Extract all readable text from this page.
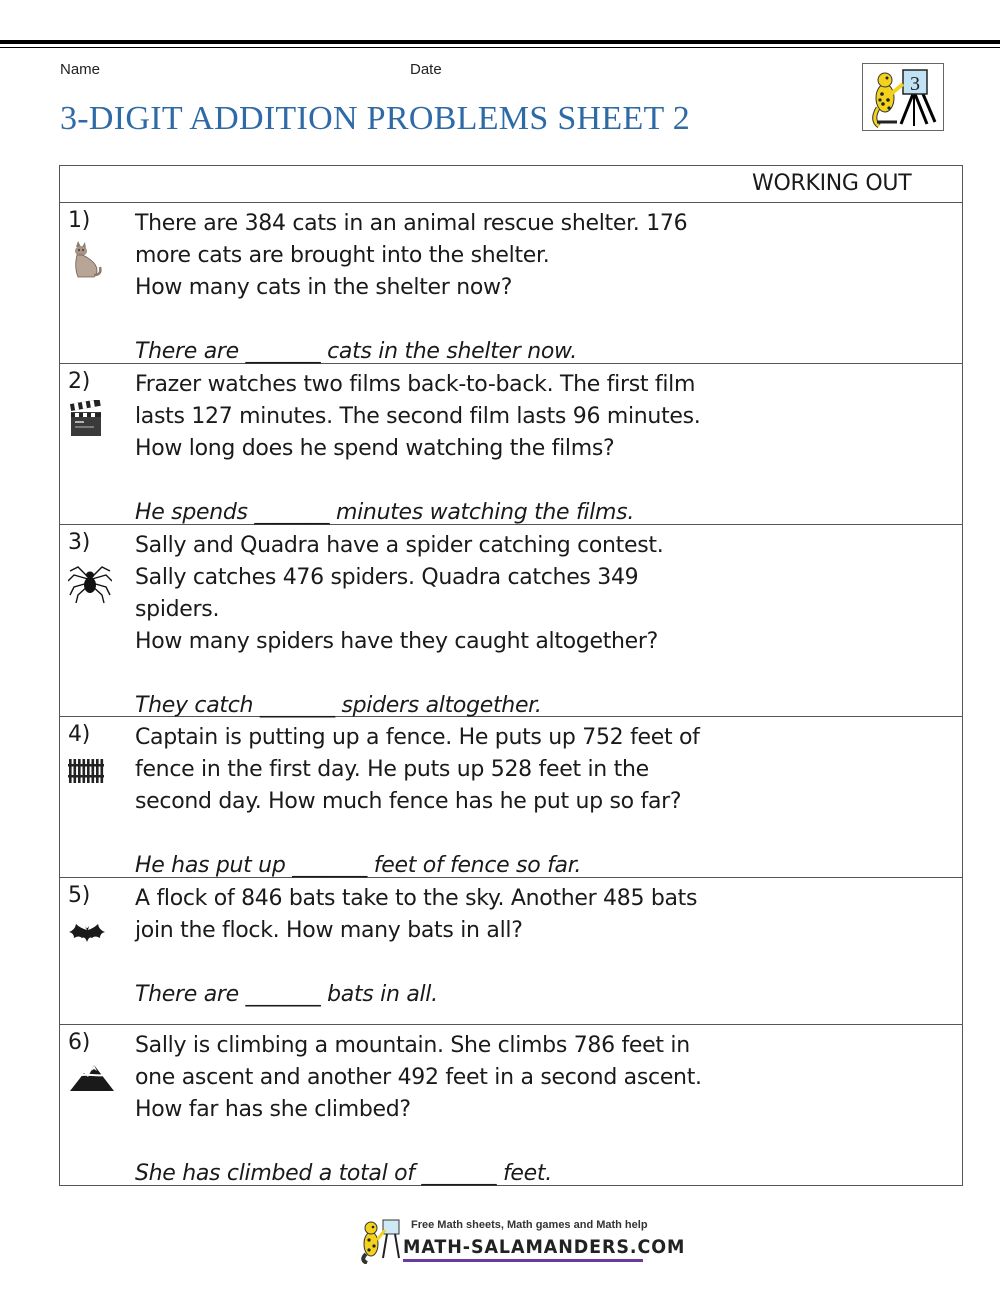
Name	Date
3-DIGIT ADDITION PROBLEMS SHEET 2
3
WORKING OUT
1) There are 384 cats in an animal rescue shelter. 176
more cats are brought into the shelter.
How many cats in the shelter now?
There are _______ cats in the shelter now.
2) Frazer watches two films back-to-back. The first film
lasts 127 minutes. The second film lasts 96 minutes.
How long does he spend watching the films?
He spends _______ minutes watching the films.
3) Sally and Quadra have a spider catching contest.
Sally catches 476 spiders. Quadra catches 349
spiders.
How many spiders have they caught altogether?
They catch _______ spiders altogether.
4) Captain is putting up a fence. He puts up 752 feet of
fence in the first day. He puts up 528 feet in the
second day. How much fence has he put up so far?
He has put up _______ feet of fence so far.
5) A flock of 846 bats take to the sky. Another 485 bats
join the flock. How many bats in all?
There are _______ bats in all.
6) Sally is climbing a mountain. She climbs 786 feet in
one ascent and another 492 feet in a second ascent.
How far has she climbed?
She has climbed a total of _______ feet.
Free Math sheets, Math games and Math help
MATH-SALAMANDERS.COM
